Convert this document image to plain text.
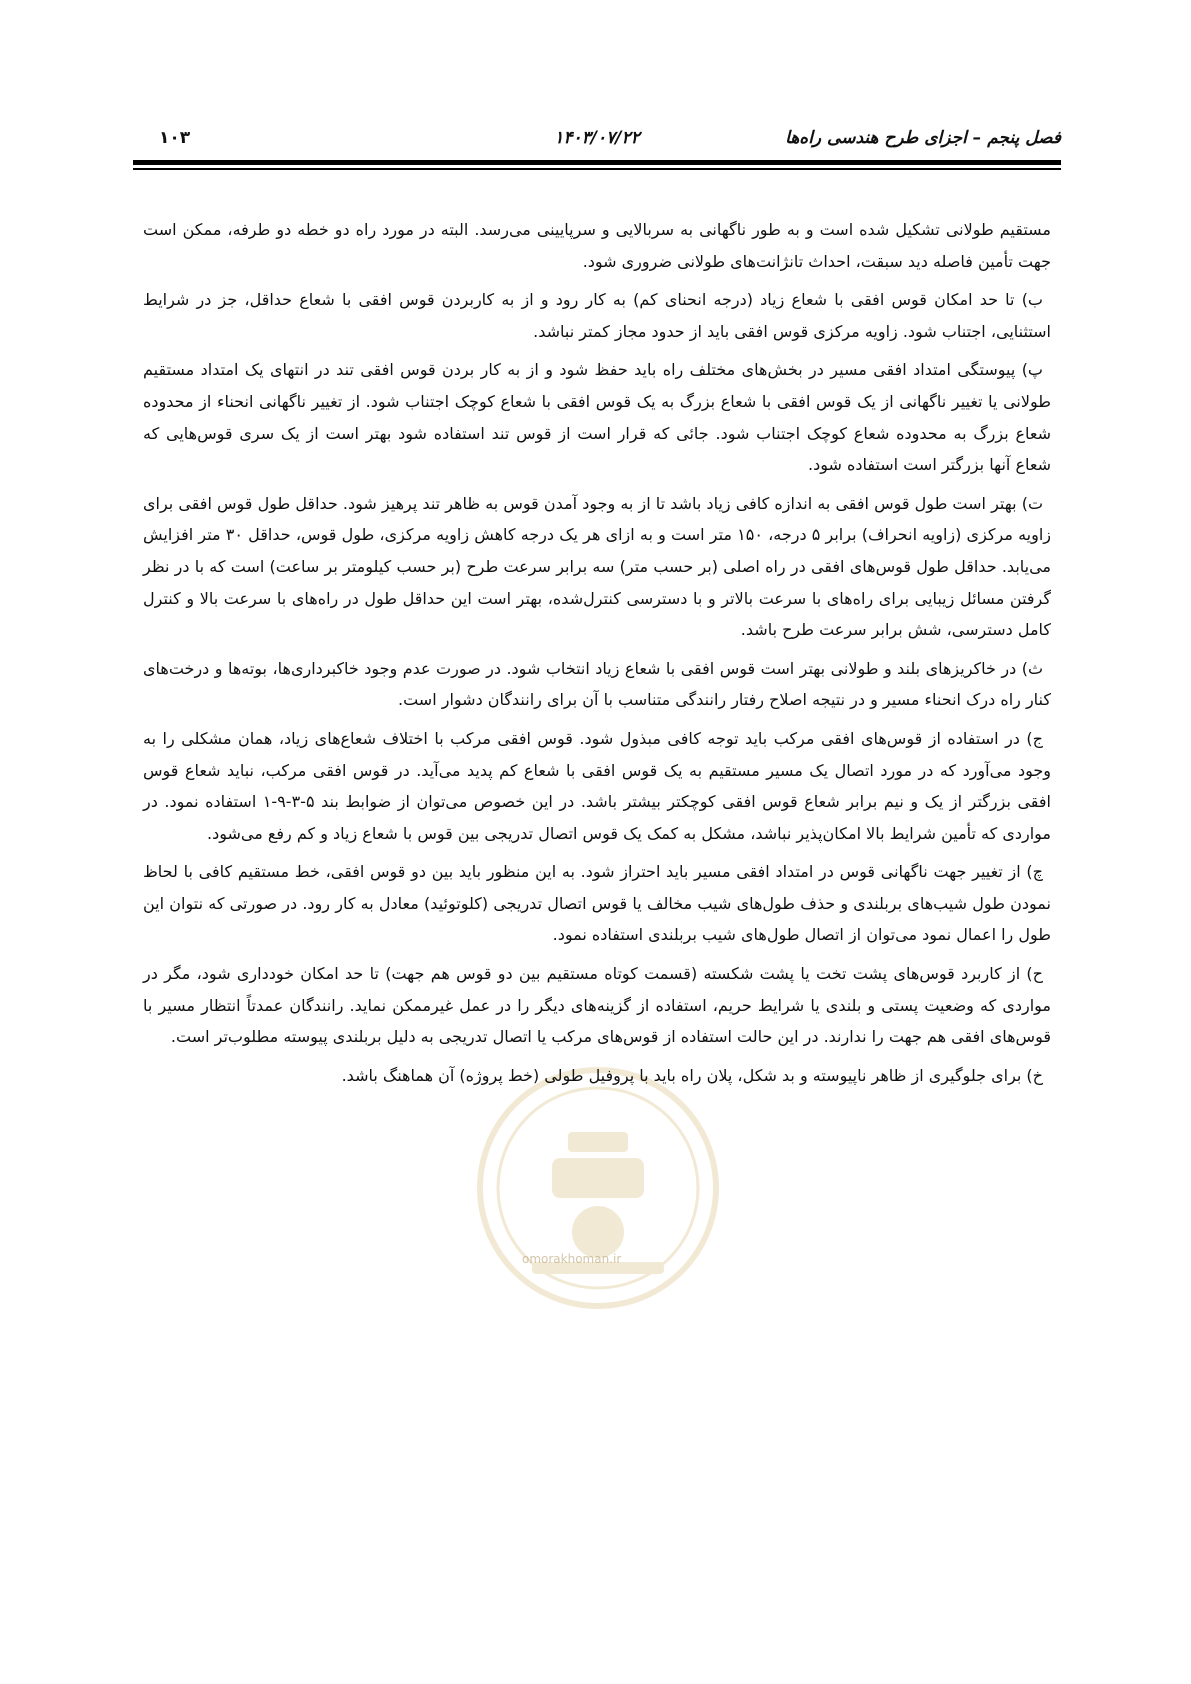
فصل پنجم – اجزای طرح هندسی راه‌ها
۱۴۰۳/۰۷/۲۲
۱۰۳
omorakhoman.ir

مستقیم طولانی تشکیل شده است و به طور ناگهانی به سربالایی و سرپایینی می‌رسد. البته در مورد راه دو خطه دو طرفه، ممکن است جهت تأمین فاصله دید سبقت، احداث تانژانت‌های طولانی ضروری شود.

ب) تا حد امکان قوس افقی با شعاع زیاد (درجه انحنای کم) به کار رود و از به کاربردن قوس افقی با شعاع حداقل، جز در شرایط استثنایی، اجتناب شود. زاویه مرکزی قوس افقی باید از حدود مجاز کمتر نباشد.

پ) پیوستگی امتداد افقی مسیر در بخش‌های مختلف راه باید حفظ شود و از به کار بردن قوس افقی تند در انتهای یک امتداد مستقیم طولانی یا تغییر ناگهانی از یک قوس افقی با شعاع بزرگ به یک قوس افقی با شعاع کوچک اجتناب شود. از تغییر ناگهانی انحناء از محدوده شعاع بزرگ به محدوده شعاع کوچک اجتناب شود. جائی که قرار است از قوس تند استفاده شود بهتر است از یک سری قوس‌هایی که شعاع آنها بزرگتر است استفاده شود.

ت) بهتر است طول قوس افقی به اندازه کافی زیاد باشد تا از به وجود آمدن قوس به ظاهر تند پرهیز شود. حداقل طول قوس افقی برای زاویه مرکزی (زاویه انحراف) برابر ۵ درجه، ۱۵۰ متر است و به ازای هر یک درجه کاهش زاویه مرکزی، طول قوس، حداقل ۳۰ متر افزایش می‌یابد. حداقل طول قوس‌های افقی در راه اصلی (بر حسب متر) سه برابر سرعت طرح (بر حسب کیلومتر بر ساعت) است که با در نظر گرفتن مسائل زیبایی برای راه‌های با سرعت بالاتر و با دسترسی کنترل‌شده، بهتر است این حداقل طول در راه‌های با سرعت بالا و کنترل کامل دسترسی، شش برابر سرعت طرح باشد.

ث) در خاکریزهای بلند و طولانی بهتر است قوس افقی با شعاع زیاد انتخاب شود. در صورت عدم وجود خاکبرداری‌ها، بوته‌ها و درخت‌های کنار راه درک انحناء مسیر و در نتیجه اصلاح رفتار رانندگی متناسب با آن برای رانندگان دشوار است.

ج) در استفاده از قوس‌های افقی مرکب باید توجه کافی مبذول شود. قوس افقی مرکب با اختلاف شعاع‌های زیاد، همان مشکلی را به وجود می‌آورد که در مورد اتصال یک مسیر مستقیم به یک قوس افقی با شعاع کم پدید می‌آید. در قوس افقی مرکب، نباید شعاع قوس افقی بزرگتر از یک و نیم برابر شعاع قوس افقی کوچکتر بیشتر باشد. در این خصوص می‌توان از ضوابط بند ۵-۳-۹-۱ استفاده نمود. در مواردی که تأمین شرایط بالا امکان‌پذیر نباشد، مشکل به کمک یک قوس اتصال تدریجی بین قوس با شعاع زیاد و کم رفع می‌شود.

چ) از تغییر جهت ناگهانی قوس در امتداد افقی مسیر باید احتراز شود. به این منظور باید بین دو قوس افقی، خط مستقیم کافی با لحاظ نمودن طول شیب‌های بربلندی و حذف طول‌های شیب مخالف یا قوس اتصال تدریجی (کلوتوئید) معادل به کار رود. در صورتی که نتوان این طول را اعمال نمود می‌توان از اتصال طول‌های شیب بربلندی استفاده نمود.

ح) از کاربرد قوس‌های پشت تخت یا پشت شکسته (قسمت کوتاه مستقیم بین دو قوس هم جهت) تا حد امکان خودداری شود، مگر در مواردی که وضعیت پستی و بلندی یا شرایط حریم، استفاده از گزینه‌های دیگر را در عمل غیرممکن نماید. رانندگان عمدتاً انتظار مسیر با قوس‌های افقی هم جهت را ندارند. در این حالت استفاده از قوس‌های مرکب یا اتصال تدریجی به دلیل بربلندی پیوسته مطلوب‌تر است.

خ) برای جلوگیری از ظاهر ناپیوسته و بد شکل، پلان راه باید با پروفیل طولی (خط پروژه) آن هماهنگ باشد.
